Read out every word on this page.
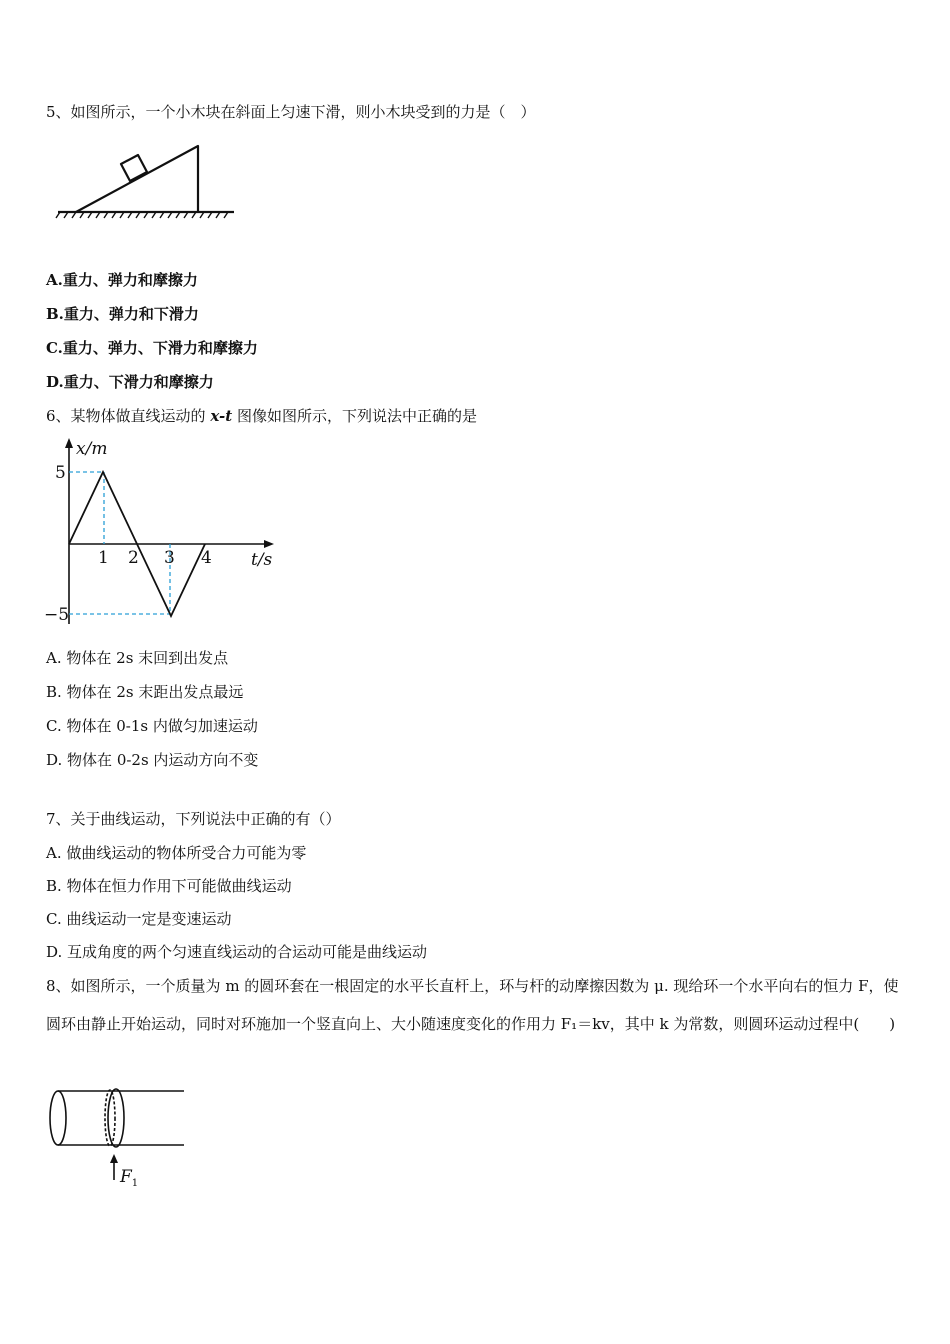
5、如图所示，一个小木块在斜面上匀速下滑，则小木块受到的力是（　）
A.重力、弹力和摩擦力
B.重力、弹力和下滑力
C.重力、弹力、下滑力和摩擦力
D.重力、下滑力和摩擦力
6、某物体做直线运动的 x-t 图像如图所示，下列说法中正确的是
x/m
t/s
5
−5
1 2 3 4
A. 物体在 2s 末回到出发点
B. 物体在 2s 末距出发点最远
C. 物体在 0-1s 内做匀加速运动
D. 物体在 0-2s 内运动方向不变
7、关于曲线运动，下列说法中正确的有（）
A. 做曲线运动的物体所受合力可能为零
B. 物体在恒力作用下可能做曲线运动
C. 曲线运动一定是变速运动
D. 互成角度的两个匀速直线运动的合运动可能是曲线运动
8、如图所示，一个质量为 m 的圆环套在一根固定的水平长直杆上，环与杆的动摩擦因数为 μ. 现给环一个水平向右的恒力 F，使圆环由静止开始运动，同时对环施加一个竖直向上、大小随速度变化的作用力 F₁＝kv，其中 k 为常数，则圆环运动过程中(　　)
$F_1$
